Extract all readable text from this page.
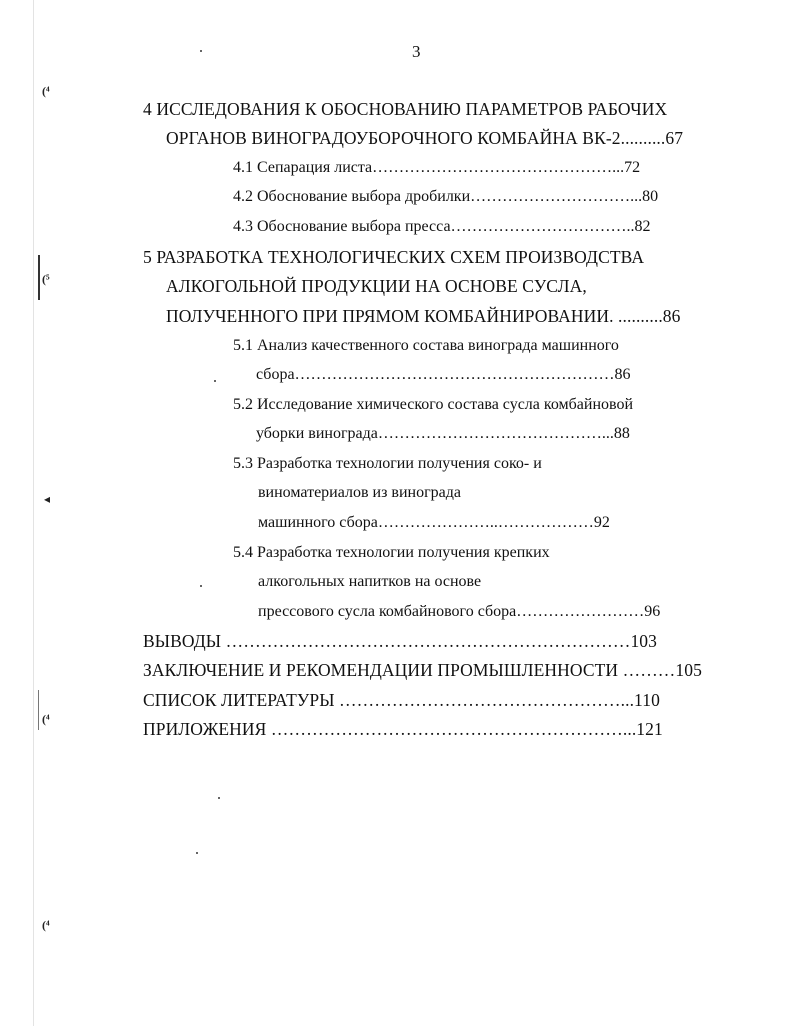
(⁴
(⁵
◂
(⁴
(⁴
3
4 ИССЛЕДОВАНИЯ К ОБОСНОВАНИЮ ПАРАМЕТРОВ РАБОЧИХ
ОРГАНОВ ВИНОГРАДОУБОРОЧНОГО КОМБАЙНА ВК-2..........67
4.1 Сепарация листа………………………………………...72
4.2 Обоснование выбора дробилки…………………………...80
4.3 Обоснование выбора пресса……………………………..82
5 РАЗРАБОТКА ТЕХНОЛОГИЧЕСКИХ СХЕМ ПРОИЗВОДСТВА
АЛКОГОЛЬНОЙ ПРОДУКЦИИ НА ОСНОВЕ СУСЛА,
ПОЛУЧЕННОГО ПРИ ПРЯМОМ КОМБАЙНИРОВАНИИ. ..........86
5.1 Анализ качественного состава винограда машинного
сбора……………………………………………………86
5.2 Исследование химического состава сусла комбайновой
уборки винограда……………………………………...88
5.3 Разработка технологии получения соко- и
виноматериалов из винограда
машинного сбора…………………..………………92
5.4 Разработка технологии получения крепких
алкогольных напитков на основе
прессового сусла комбайнового сбора……………………96
ВЫВОДЫ ……………………………………………………………103
ЗАКЛЮЧЕНИЕ И РЕКОМЕНДАЦИИ ПРОМЫШЛЕННОСТИ ………105
СПИСОК ЛИТЕРАТУРЫ …………………………………………...110
ПРИЛОЖЕНИЯ ……………………………………………………...121
